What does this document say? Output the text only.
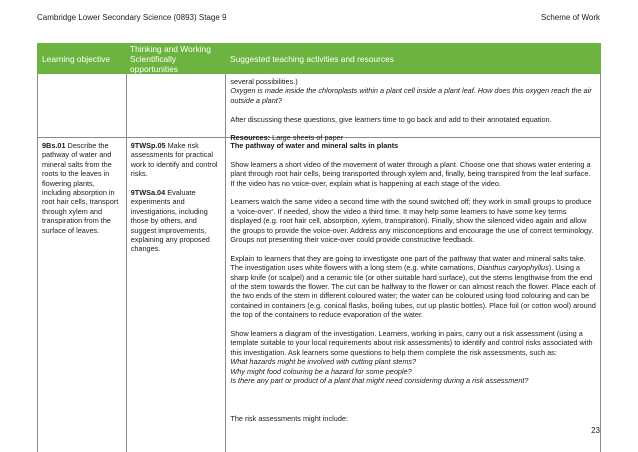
Cambridge Lower Secondary Science (0893) Stage 9	Scheme of Work
Learning objective
Thinking and Working Scientifically opportunities
Suggested teaching activities and resources

several possibilities.)

Oxygen is made inside the chloroplasts within a plant cell inside a plant leaf. How does this oxygen reach the air outside a plant?

After discussing these questions, give learners time to go back and add to their annotated equation.

Resources: Large sheets of paper

9Bs.01 Describe the pathway of water and mineral salts from the roots to the leaves in flowering plants, including absorption in root hair cells, transport through xylem and transpiration from the surface of leaves.

9TWSp.05 Make risk assessments for practical work to identify and control risks.

9TWSa.04 Evaluate experiments and investigations, including those by others, and suggest improvements, explaining any proposed changes.

The pathway of water and mineral salts in plants

Show learners a short video of the movement of water through a plant. Choose one that shows water entering a plant through root hair cells, being transported through xylem and, finally, being transpired from the leaf surface. If the video has no voice-over, explain what is happening at each stage of the video.

Learners watch the same video a second time with the sound switched off; they work in small groups to produce a ‘voice-over’. If needed, show the video a third time. It may help some learners to have some key terms displayed (e.g. root hair cell, absorption, xylem, transpiration). Finally, show the silenced video again and allow the groups to provide the voice-over. Address any misconceptions and encourage the use of correct terminology. Groups not presenting their voice-over could provide constructive feedback.

Explain to learners that they are going to investigate one part of the pathway that water and mineral salts take. The investigation uses white flowers with a long stem (e.g. white carnations, Dianthus caryophyllus). Using a sharp knife (or scalpel) and a ceramic tile (or other suitable hard surface), cut the stems lengthwise from the end of the stem towards the flower. The cut can be halfway to the flower or can almost reach the flower. Place each of the two ends of the stem in different coloured water; the water can be coloured using food colouring and can be contained in containers (e.g. conical flasks, boiling tubes, cut up plastic bottles). Place foil (or cotton wool) around the top of the containers to reduce evaporation of the water.

Show learners a diagram of the investigation. Learners, working in pairs, carry out a risk assessment (using a template suitable to your local requirements about risk assessments) to identify and control risks associated with this investigation. Ask learners some questions to help them complete the risk assessments, such as:

What hazards might be involved with cutting plant stems?

Why might food colouring be a hazard for some people?

Is there any part or product of a plant that might need considering during a risk assessment?

The risk assessments might include:

23
